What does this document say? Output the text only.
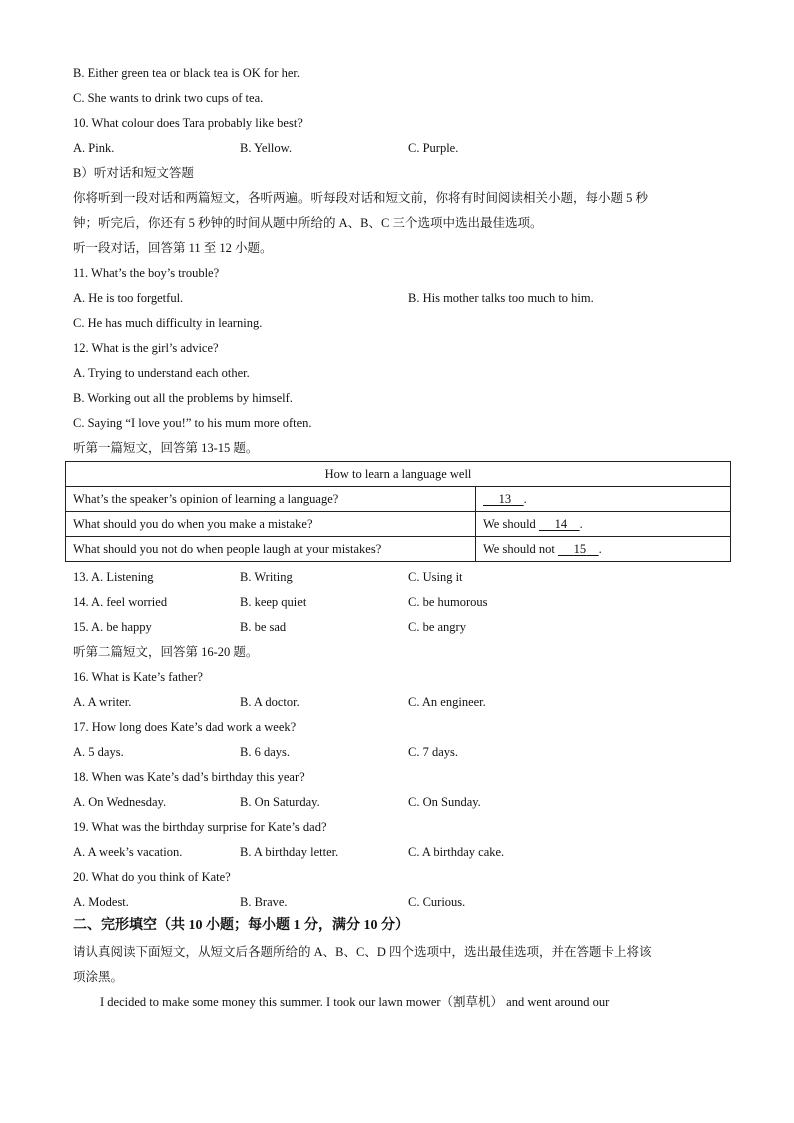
B. Either green tea or black tea is OK for her.
C. She wants to drink two cups of tea.
10. What colour does Tara probably like best?
A. Pink.	B. Yellow.	C. Purple.
B）听对话和短文答题
你将听到一段对话和两篇短文，各听两遍。听每段对话和短文前，你将有时间阅读相关小题，每小题 5 秒
钟；听完后，你还有 5 秒钟的时间从题中所给的 A、B、C 三个选项中选出最佳选项。
听一段对话，回答第 11 至 12 小题。
11. What’s the boy’s trouble?
A. He is too forgetful.	B. His mother talks too much to him.
C. He has much difficulty in learning.
12. What is the girl’s advice?
A. Trying to understand each other.
B. Working out all the problems by himself.
C. Saying “I love you!” to his mum more often.
听第一篇短文，回答第 13-15 题。
How to learn a language well	
What’s the speaker’s opinion of learning a language?	13 .
What should you do when you make a mistake?	We should      14 .
What should you not do when people laugh at your mistakes?	We should not      15 .
13. A. Listening	B. Writing	C. Using it
14. A. feel worried	B. keep quiet	C. be humorous
15. A. be happy	B. be sad	C. be angry
听第二篇短文，回答第 16-20 题。
16. What is Kate’s father?
A. A writer.	B. A doctor.	C. An engineer.
17. How long does Kate’s dad work a week?
A. 5 days.	B. 6 days.	C. 7 days.
18. When was Kate’s dad’s birthday this year?
A. On Wednesday.	B. On Saturday.	C. On Sunday.
19. What was the birthday surprise for Kate’s dad?
A. A week’s vacation.	B. A birthday letter.	C. A birthday cake.
20. What do you think of Kate?
A. Modest.	B. Brave.	C. Curious.
二、完形填空（共 10 小题；每小题 1 分，满分 10 分）
请认真阅读下面短文，从短文后各题所给的 A、B、C、D 四个选项中，选出最佳选项，并在答题卡上将该
项涂黑。
I decided to make some money this summer. I took our lawn mower（割草机） and went around our
